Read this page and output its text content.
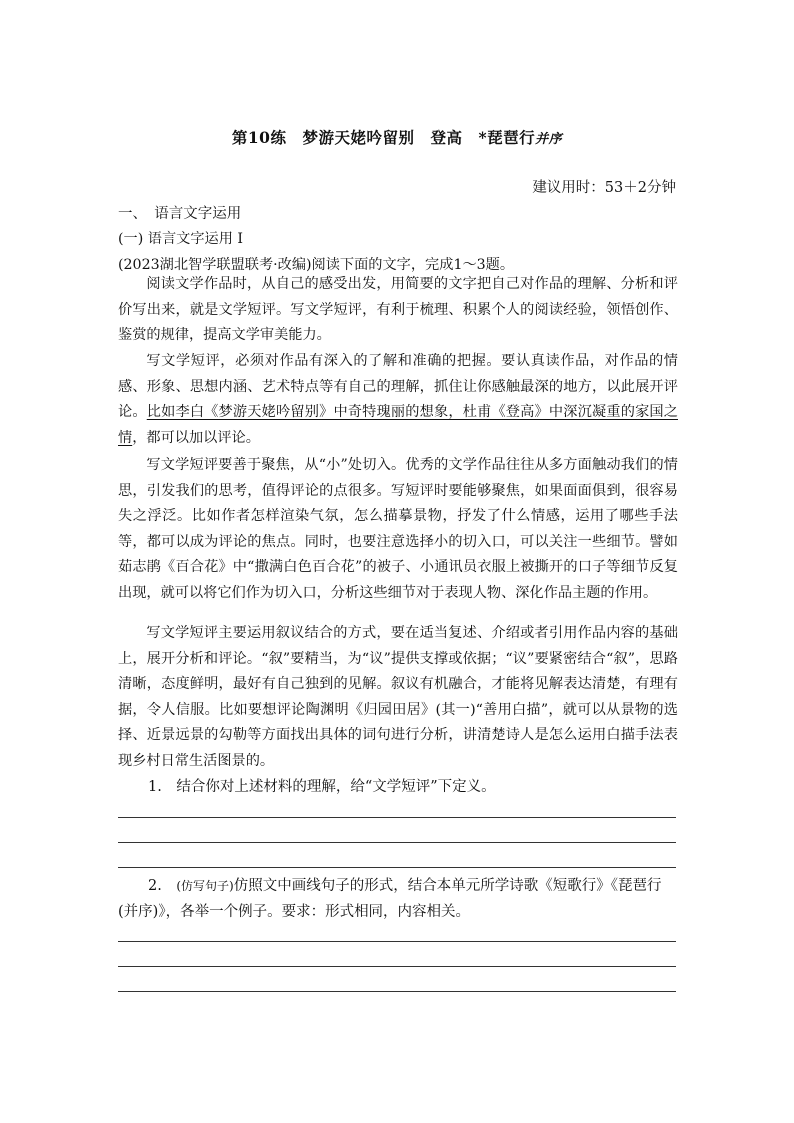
第10练　梦游天姥吟留别　登高　*琵琶行并序
建议用时：53＋2分钟
一、　语言文字运用
(一) 语言文字运用 Ⅰ
(2023湖北智学联盟联考·改编)阅读下面的文字，完成1～3题。

阅读文学作品时，从自己的感受出发，用简要的文字把自己对作品的理解、分析和评价写出来，就是文学短评。写文学短评，有利于梳理、积累个人的阅读经验，领悟创作、鉴赏的规律，提高文学审美能力。

写文学短评，必须对作品有深入的了解和准确的把握。要认真读作品，对作品的情感、形象、思想内涵、艺术特点等有自己的理解，抓住让你感触最深的地方，以此展开评论。比如李白《梦游天姥吟留别》中奇特瑰丽的想象，杜甫《登高》中深沉凝重的家国之情，都可以加以评论。

写文学短评要善于聚焦，从“小”处切入。优秀的文学作品往往从多方面触动我们的情思，引发我们的思考，值得评论的点很多。写短评时要能够聚焦，如果面面俱到，很容易失之浮泛。比如作者怎样渲染气氛，怎么描摹景物，抒发了什么情感，运用了哪些手法等，都可以成为评论的焦点。同时，也要注意选择小的切入口，可以关注一些细节。譬如茹志鹃《百合花》中“撒满白色百合花”的被子、小通讯员衣服上被撕开的口子等细节反复出现，就可以将它们作为切入口，分析这些细节对于表现人物、深化作品主题的作用。

写文学短评主要运用叙议结合的方式，要在适当复述、介绍或者引用作品内容的基础上，展开分析和评论。“叙”要精当，为“议”提供支撑或依据；“议”要紧密结合“叙”，思路清晰，态度鲜明，最好有自己独到的见解。叙议有机融合，才能将见解表达清楚，有理有据，令人信服。比如要想评论陶渊明《归园田居》(其一)“善用白描”，就可以从景物的选择、近景远景的勾勒等方面找出具体的词句进行分析，讲清楚诗人是怎么运用白描手法表现乡村日常生活图景的。

1.　结合你对上述材料的理解，给“文学短评”下定义。

2.　(仿写句子)仿照文中画线句子的形式，结合本单元所学诗歌《短歌行》《琵琶行(并序)》，各举一个例子。要求：形式相同，内容相关。
